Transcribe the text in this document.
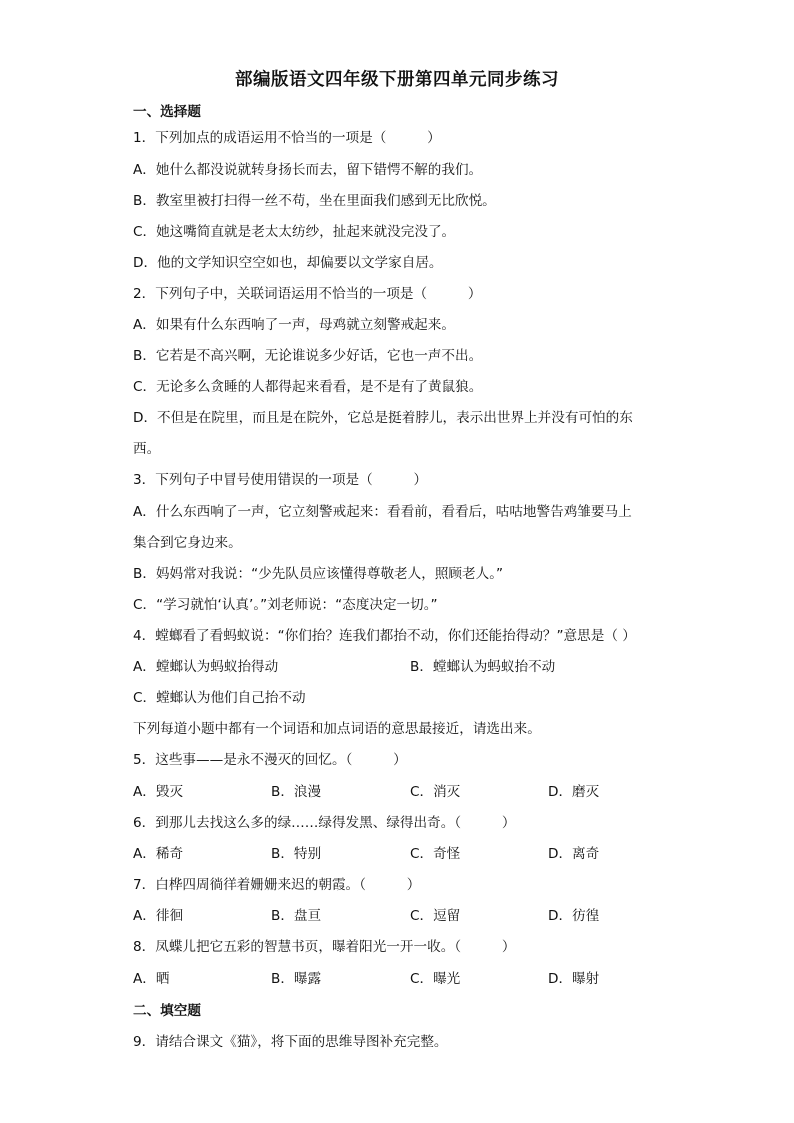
部编版语文四年级下册第四单元同步练习
一、选择题
1．下列加点的成语运用不恰当的一项是（　　　）
A．她什么都没说就转身扬长而去，留下错愕不解的我们。
B．教室里被打扫得一丝不苟，坐在里面我们感到无比欣悦。
C．她这嘴简直就是老太太纺纱，扯起来就没完没了。
D．他的文学知识空空如也，却偏要以文学家自居。
2．下列句子中，关联词语运用不恰当的一项是（　　　）
A．如果有什么东西响了一声，母鸡就立刻警戒起来。
B．它若是不高兴啊，无论谁说多少好话，它也一声不出。
C．无论多么贪睡的人都得起来看看，是不是有了黄鼠狼。
D．不但是在院里，而且是在院外，它总是挺着脖儿，表示出世界上并没有可怕的东
西。
3．下列句子中冒号使用错误的一项是（　　　）
A．什么东西响了一声，它立刻警戒起来：看看前，看看后，咕咕地警告鸡雏要马上
集合到它身边来。
B．妈妈常对我说：“少先队员应该懂得尊敬老人，照顾老人。”
C．“学习就怕‘认真’。”刘老师说：“态度决定一切。”
4．螳螂看了看蚂蚁说：“你们抬？连我们都抬不动，你们还能抬得动？”意思是（ ）
A．螳螂认为蚂蚁抬得动	B．螳螂认为蚂蚁抬不动
C．螳螂认为他们自己抬不动
下列每道小题中都有一个词语和加点词语的意思最接近，请选出来。
5．这些事——是永不漫灭的回忆。（　　　）
A．毁灭	B．浪漫	C．消灭	D．磨灭
6．到那儿去找这么多的绿……绿得发黑、绿得出奇。（　　　）
A．稀奇	B．特别	C．奇怪	D．离奇
7．白桦四周徜徉着姗姗来迟的朝霞。（　　　）
A．徘徊	B．盘亘	C．逗留	D．彷徨
8．凤蝶儿把它五彩的智慧书页，曝着阳光一开一收。（　　　）
A．晒	B．曝露	C．曝光	D．曝射
二、填空题
9．请结合课文《猫》，将下面的思维导图补充完整。
